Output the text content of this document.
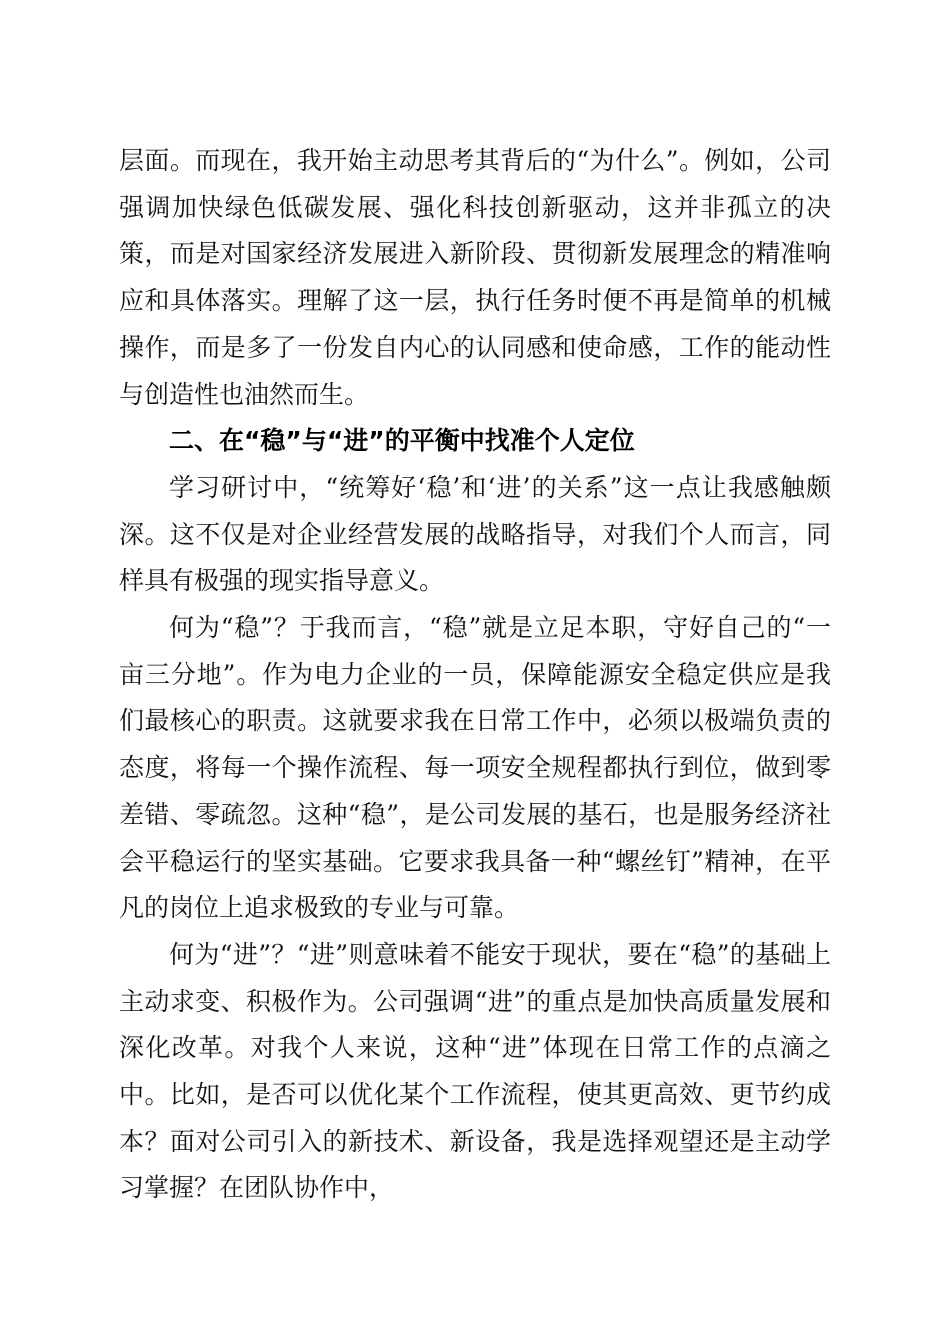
层面。而现在，我开始主动思考其背后的“为什么”。例如，公司强调加快绿色低碳发展、强化科技创新驱动，这并非孤立的决策，而是对国家经济发展进入新阶段、贯彻新发展理念的精准响应和具体落实。理解了这一层，执行任务时便不再是简单的机械操作，而是多了一份发自内心的认同感和使命感，工作的能动性与创造性也油然而生。

二、在“稳”与“进”的平衡中找准个人定位

学习研讨中，“统筹好‘稳’和‘进’的关系”这一点让我感触颇深。这不仅是对企业经营发展的战略指导，对我们个人而言，同样具有极强的现实指导意义。

何为“稳”？于我而言，“稳”就是立足本职，守好自己的“一亩三分地”。作为电力企业的一员，保障能源安全稳定供应是我们最核心的职责。这就要求我在日常工作中，必须以极端负责的态度，将每一个操作流程、每一项安全规程都执行到位，做到零差错、零疏忽。这种“稳”，是公司发展的基石，也是服务经济社会平稳运行的坚实基础。它要求我具备一种“螺丝钉”精神，在平凡的岗位上追求极致的专业与可靠。

何为“进”？“进”则意味着不能安于现状，要在“稳”的基础上主动求变、积极作为。公司强调“进”的重点是加快高质量发展和深化改革。对我个人来说，这种“进”体现在日常工作的点滴之中。比如，是否可以优化某个工作流程，使其更高效、更节约成本？面对公司引入的新技术、新设备，我是选择观望还是主动学习掌握？在团队协作中，
